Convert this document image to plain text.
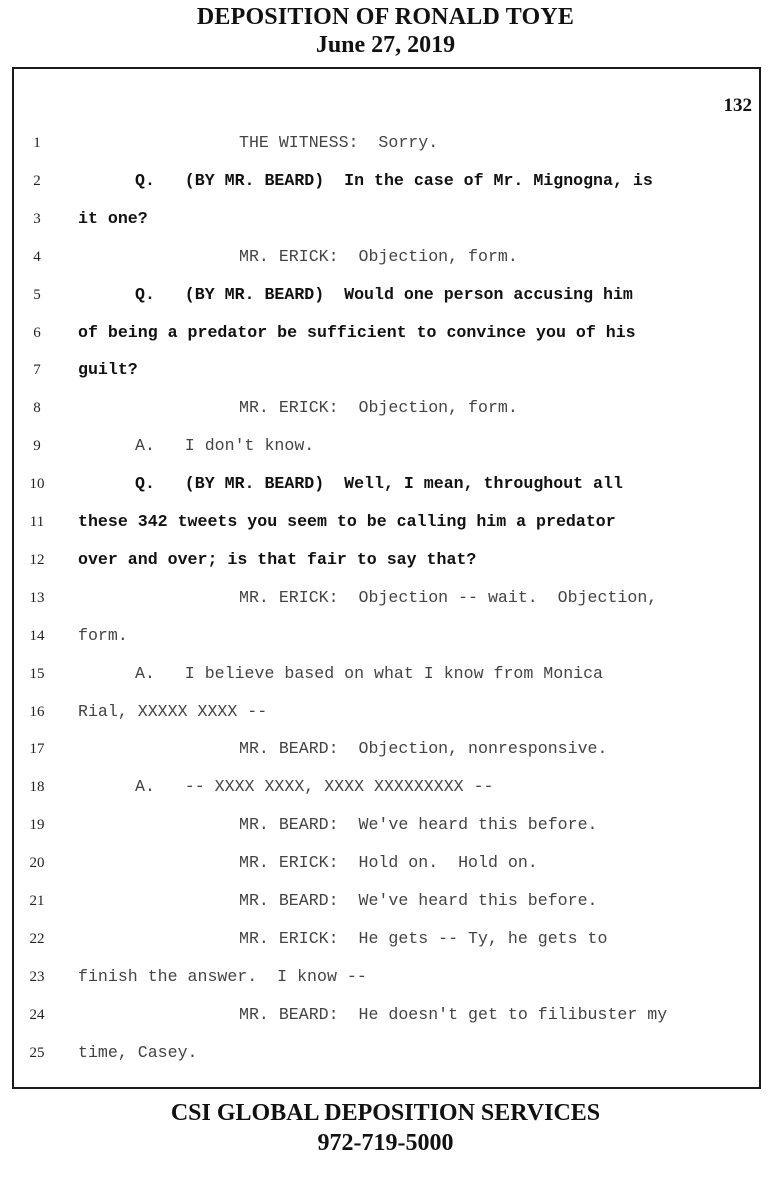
DEPOSITION OF RONALD TOYE
June 27, 2019
132
1	THE WITNESS:  Sorry.
2	Q.   (BY MR. BEARD)  In the case of Mr. Mignogna, is
3	it one?
4	MR. ERICK:  Objection, form.
5	Q.   (BY MR. BEARD)  Would one person accusing him
6	of being a predator be sufficient to convince you of his
7	guilt?
8	MR. ERICK:  Objection, form.
9	A.   I don't know.
10	Q.   (BY MR. BEARD)  Well, I mean, throughout all
11	these 342 tweets you seem to be calling him a predator
12	over and over; is that fair to say that?
13	MR. ERICK:  Objection -- wait.  Objection,
14	form.
15	A.   I believe based on what I know from Monica
16	Rial, XXXXX XXXX --
17	MR. BEARD:  Objection, nonresponsive.
18	A.   -- XXXX XXXX, XXXX XXXXXXXXX --
19	MR. BEARD:  We've heard this before.
20	MR. ERICK:  Hold on.  Hold on.
21	MR. BEARD:  We've heard this before.
22	MR. ERICK:  He gets -- Ty, he gets to
23	finish the answer.  I know --
24	MR. BEARD:  He doesn't get to filibuster my
25	time, Casey.
CSI GLOBAL DEPOSITION SERVICES
972-719-5000
